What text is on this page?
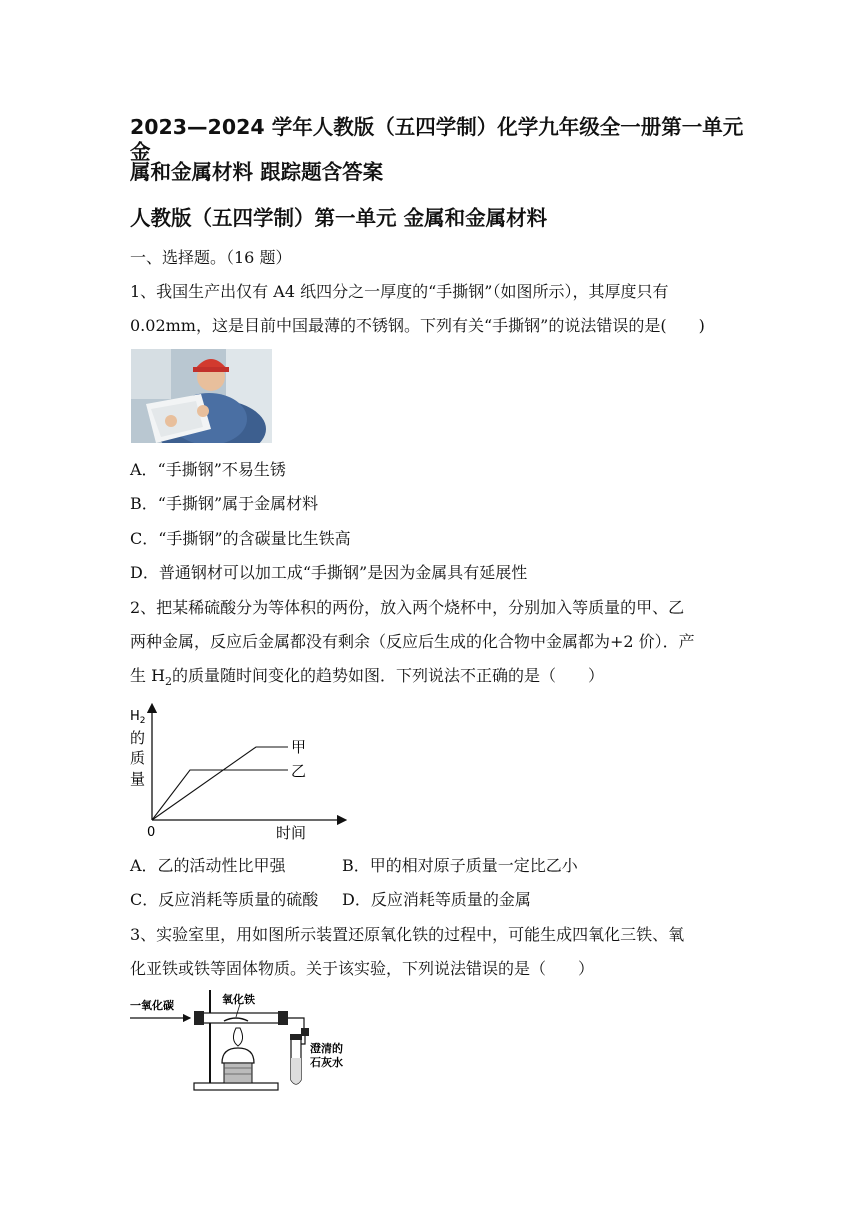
2023—2024 学年人教版（五四学制）化学九年级全一册第一单元 金
属和金属材料 跟踪题含答案
人教版（五四学制）第一单元 金属和金属材料
一、选择题。（16 题）
1、我国生产出仅有 A4 纸四分之一厚度的“手撕钢”（如图所示），其厚度只有
0.02mm，这是目前中国最薄的不锈钢。下列有关“手撕钢”的说法错误的是(　　)
A．“手撕钢”不易生锈
B．“手撕钢”属于金属材料
C．“手撕钢”的含碳量比生铁高
D．普通钢材可以加工成“手撕钢”是因为金属具有延展性
2、把某稀硫酸分为等体积的两份，放入两个烧杯中，分别加入等质量的甲、乙
两种金属，反应后金属都没有剩余（反应后生成的化合物中金属都为+2 价）．产
生 $H_2$的质量随时间变化的趋势如图．下列说法不正确的是（　　）
$H_2$
的
质
量
0	时间
甲
乙
A．乙的活动性比甲强	B．甲的相对原子质量一定比乙小
C．反应消耗等质量的硫酸 D．反应消耗等质量的金属
3、实验室里，用如图所示装置还原氧化铁的过程中，可能生成四氧化三铁、氧
化亚铁或铁等固体物质。关于该实验，下列说法错误的是（　　）
一氧化碳	氧化铁
澄清的
石灰水
